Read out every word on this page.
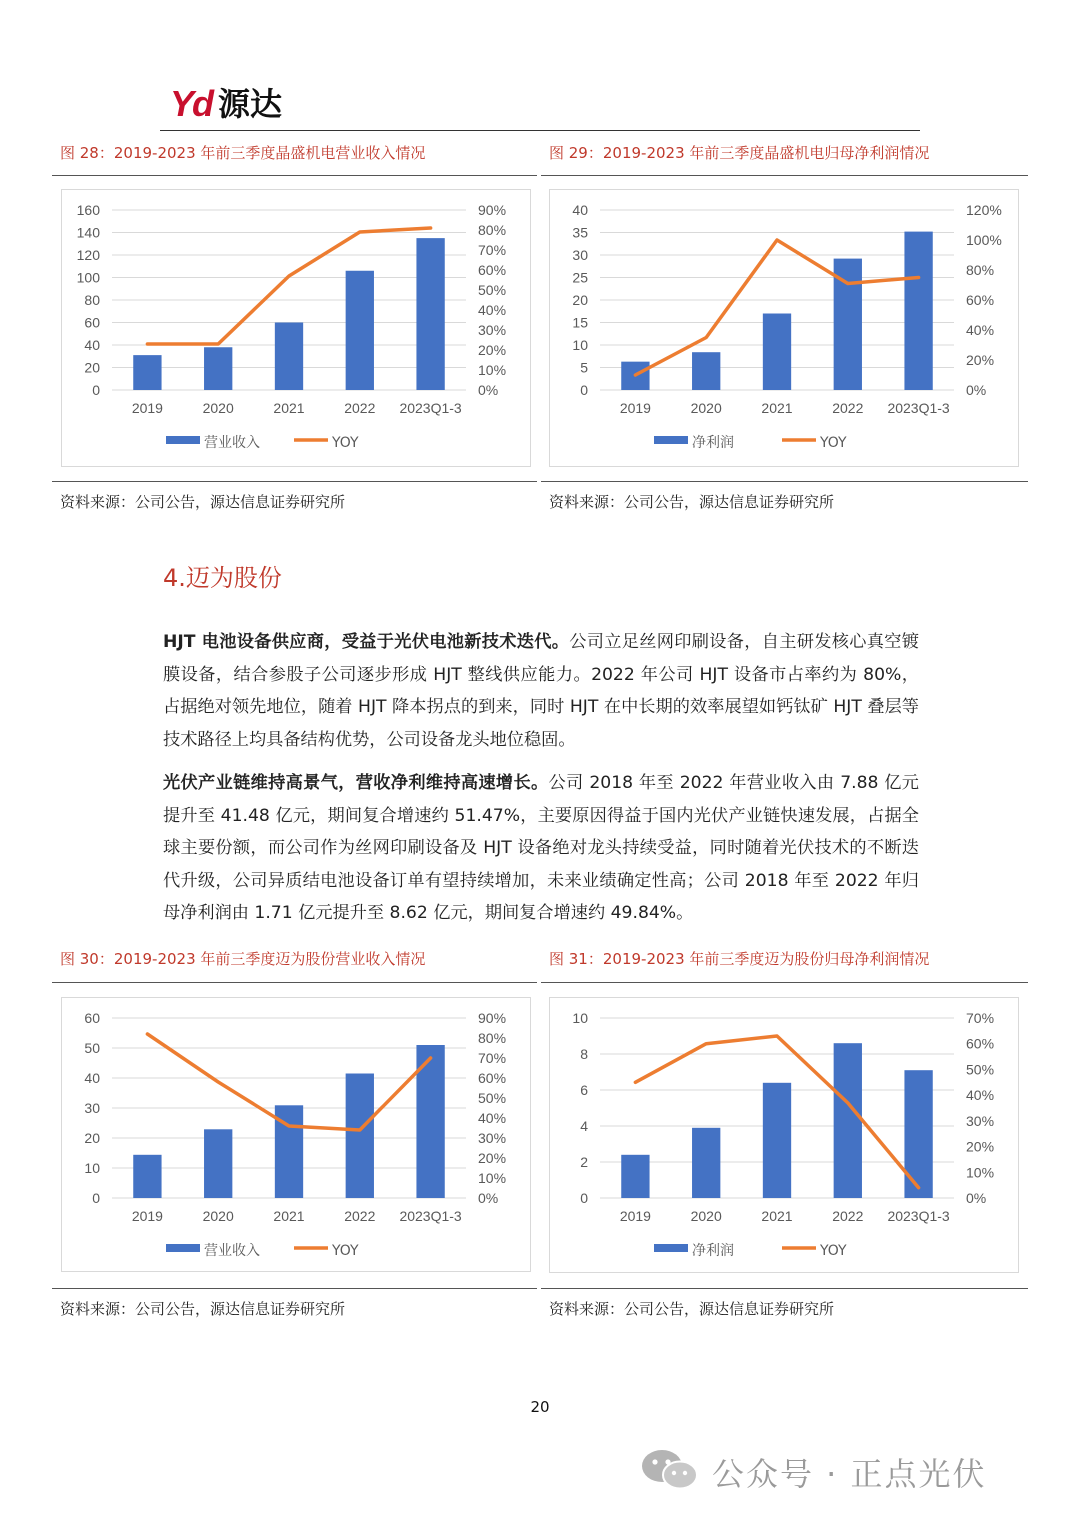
Yd 源达
图 28：2019-2023 年前三季度晶盛机电营业收入情况
0
20
40
60
80
100
120
140
160
0%
10%
20%
30%
40%
50%
60%
70%
80%
90%
2019	2020	2021	2022 2023Q1-3
营业收入	YOY
资料来源：公司公告，源达信息证券研究所
图 29：2019-2023 年前三季度晶盛机电归母净利润情况
0
5
10
15
20
25
30
35
40
0%
20%
40%
60%
80%
100%
120%
2019	2020	2021	2022 2023Q1-3
净利润	YOY
资料来源：公司公告，源达信息证券研究所
4.迈为股份
HJT 电池设备供应商，受益于光伏电池新技术迭代。公司立足丝网印刷设备，自主研发核心真空镀膜设备，结合参股子公司逐步形成 HJT 整线供应能力。2022 年公司 HJT 设备市占率约为 80%，占据绝对领先地位，随着 HJT 降本拐点的到来，同时 HJT 在中长期的效率展望如钙钛矿 HJT 叠层等技术路径上均具备结构优势，公司设备龙头地位稳固。
光伏产业链维持高景气，营收净利维持高速增长。公司 2018 年至 2022 年营业收入由 7.88 亿元提升至 41.48 亿元，期间复合增速约 51.47%，主要原因得益于国内光伏产业链快速发展，占据全球主要份额，而公司作为丝网印刷设备及 HJT 设备绝对龙头持续受益，同时随着光伏技术的不断迭代升级，公司异质结电池设备订单有望持续增加，未来业绩确定性高；公司 2018 年至 2022 年归母净利润由 1.71 亿元提升至 8.62 亿元，期间复合增速约 49.84%。
图 30：2019-2023 年前三季度迈为股份营业收入情况
0
10
20
30
40
50
60
0%
10%
20%
30%
40%
50%
60%
70%
80%
90%
2019	2020	2021	2022 2023Q1-3
营业收入	YOY
资料来源：公司公告，源达信息证券研究所
图 31：2019-2023 年前三季度迈为股份归母净利润情况
0
2
4
6
8
10
0%
10%
20%
30%
40%
50%
60%
70%
2019	2020	2021	2022 2023Q1-3
净利润	YOY
资料来源：公司公告，源达信息证券研究所
20
公众号 · 正点光伏
